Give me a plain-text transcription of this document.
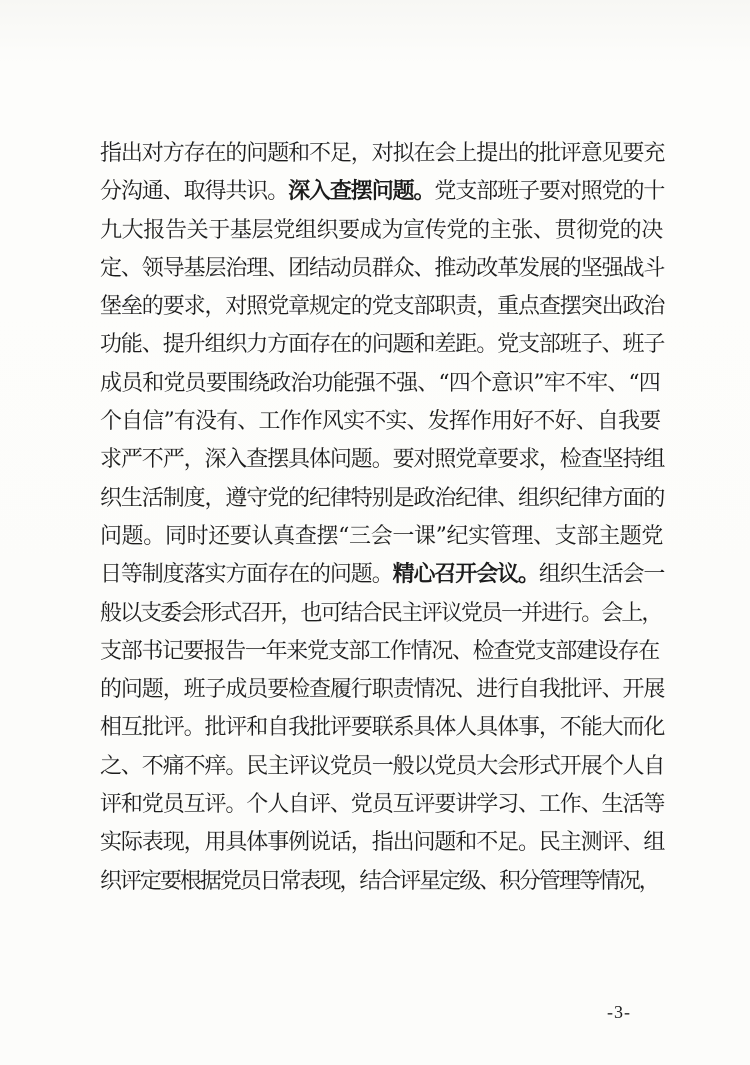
指出对方存在的问题和不足，对拟在会上提出的批评意见要充
分沟通、取得共识。深入查摆问题。党支部班子要对照党的十
九大报告关于基层党组织要成为宣传党的主张、贯彻党的决
定、领导基层治理、团结动员群众、推动改革发展的坚强战斗
堡垒的要求，对照党章规定的党支部职责，重点查摆突出政治
功能、提升组织力方面存在的问题和差距。党支部班子、班子
成员和党员要围绕政治功能强不强、“四个意识”牢不牢、“四
个自信”有没有、工作作风实不实、发挥作用好不好、自我要
求严不严，深入查摆具体问题。要对照党章要求，检查坚持组
织生活制度，遵守党的纪律特别是政治纪律、组织纪律方面的
问题。同时还要认真查摆“三会一课”纪实管理、支部主题党
日等制度落实方面存在的问题。精心召开会议。组织生活会一
般以支委会形式召开，也可结合民主评议党员一并进行。会上，
支部书记要报告一年来党支部工作情况、检查党支部建设存在
的问题，班子成员要检查履行职责情况、进行自我批评、开展
相互批评。批评和自我批评要联系具体人具体事，不能大而化
之、不痛不痒。民主评议党员一般以党员大会形式开展个人自
评和党员互评。个人自评、党员互评要讲学习、工作、生活等
实际表现，用具体事例说话，指出问题和不足。民主测评、组
织评定要根据党员日常表现，结合评星定级、积分管理等情况，
-3-
